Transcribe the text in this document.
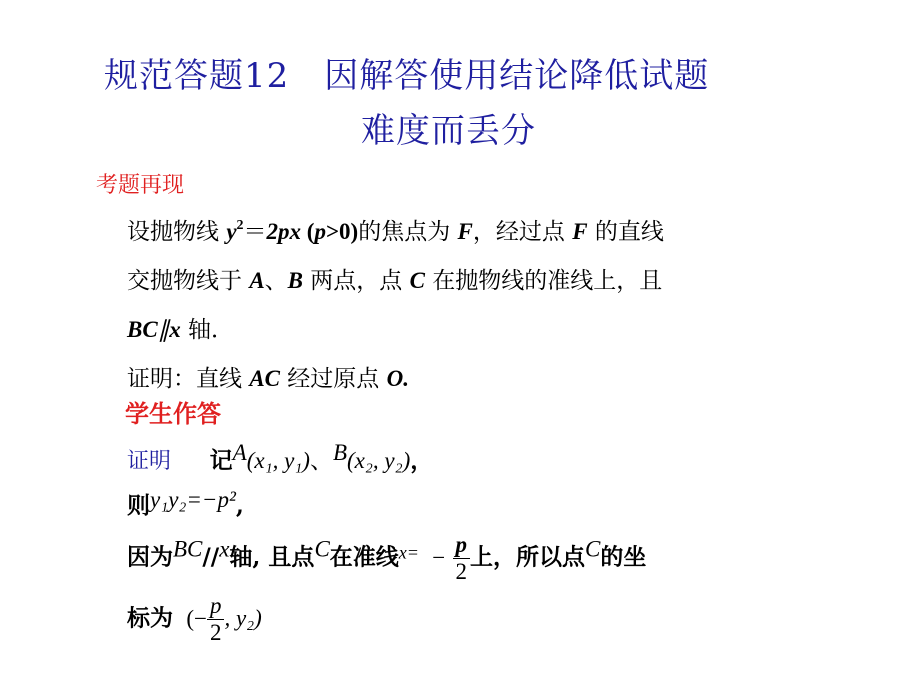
规范答题12　因解答使用结论降低试题
难度而丢分
考题再现
设抛物线 $y^2=2px$ (p>0)的焦点为 F，经过点 F 的直线
交抛物线于 A、B 两点，点 C 在抛物线的准线上，且
BC∥x 轴．
证明：直线 AC 经过原点 O.
学生作答
证明 记A(x₁, y₁)、B(x₂, y₂)，
则y₁y₂=−p²,
因为BC//x轴, 且点C在准线$^{x=} - \frac{p}{2}$ 上，所以点C的坐
标为 (− $\frac{p}{2}$ , y₂)
